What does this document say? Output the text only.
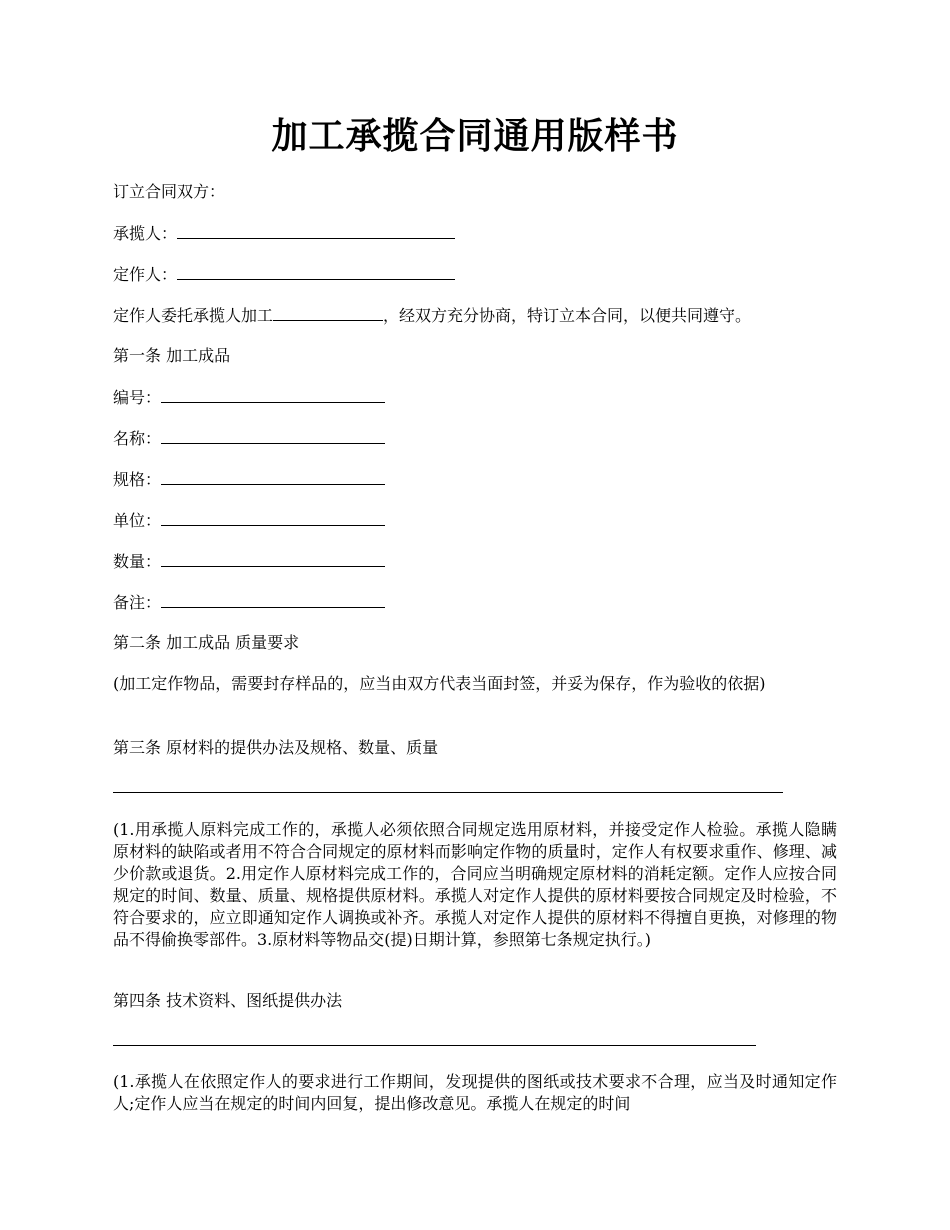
加工承揽合同通用版样书

订立合同双方：

承揽人：

定作人：

定作人委托承揽人加工	，经双方充分协商，特订立本合同，以便共同遵守。

第一条 加工成品

编号：

名称：

规格：

单位：

数量：

备注：

第二条 加工成品 质量要求

(加工定作物品，需要封存样品的，应当由双方代表当面封签，并妥为保存，作为验收的依据)

第三条 原材料的提供办法及规格、数量、质量

(1.用承揽人原料完成工作的，承揽人必须依照合同规定选用原材料，并接受定作人检验。承揽人隐瞒原材料的缺陷或者用不符合合同规定的原材料而影响定作物的质量时，定作人有权要求重作、修理、减少价款或退货。2.用定作人原材料完成工作的，合同应当明确规定原材料的消耗定额。定作人应按合同规定的时间、数量、质量、规格提供原材料。承揽人对定作人提供的原材料要按合同规定及时检验，不符合要求的，应立即通知定作人调换或补齐。承揽人对定作人提供的原材料不得擅自更换，对修理的物品不得偷换零部件。3.原材料等物品交(提)日期计算，参照第七条规定执行。)

第四条 技术资料、图纸提供办法

(1.承揽人在依照定作人的要求进行工作期间，发现提供的图纸或技术要求不合理，应当及时通知定作人;定作人应当在规定的时间内回复，提出修改意见。承揽人在规定的时间
